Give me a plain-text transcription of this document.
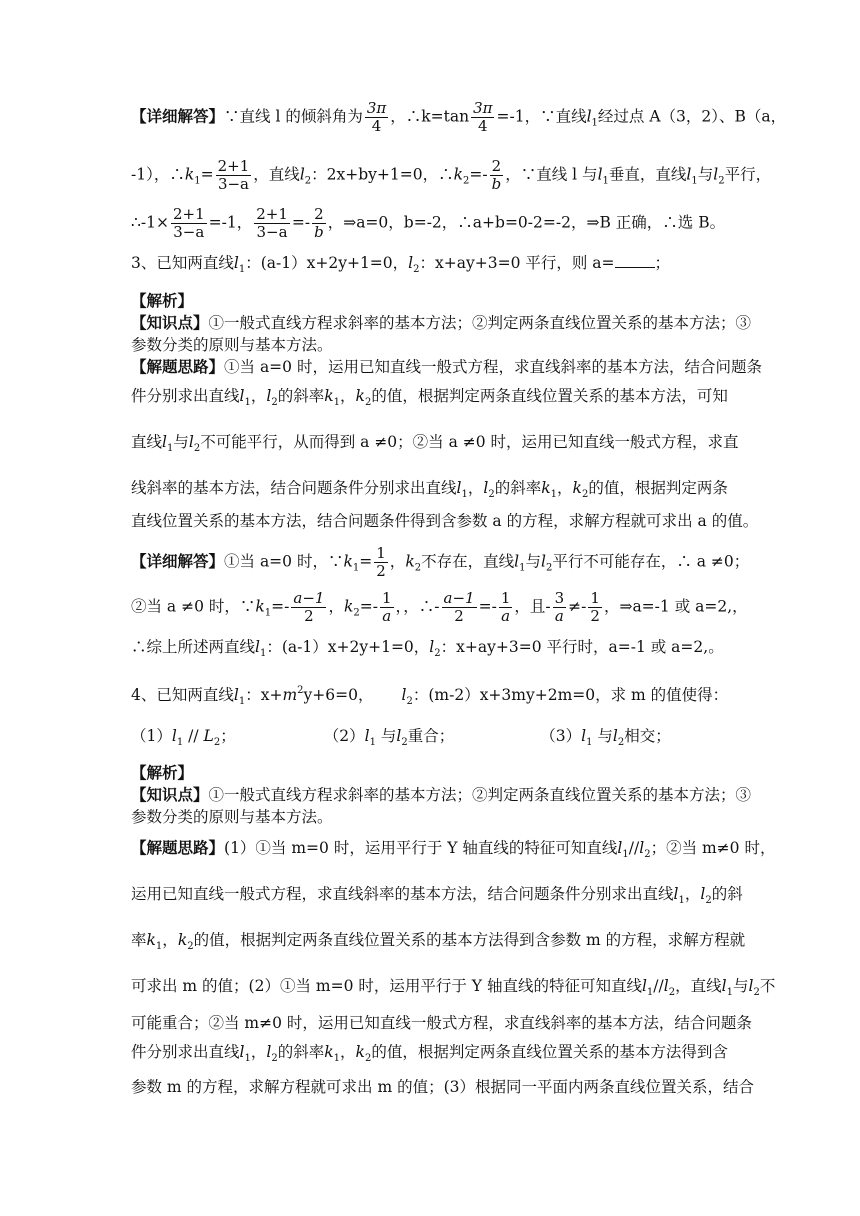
【详细解答】∵直线 l 的倾斜角为 $\frac{3\pi}{4}$ ，∴k=tan $\frac{3\pi}{4} =-1$，∵直线$l_1$经过点 A（3，2）、B（a，
-1），$\therefore k_1= \frac{2+1}{3-a}$ ，直线$l_2$：2x+by+1=0，$\therefore k_2=- \frac{2}{b}$ ，∵直线 l 与$l_1$垂直，直线$l_1$与$l_2$平行，
∴-1× $\frac{2+1}{3-a} =-1$， $\frac{2+1}{3-a} =- \frac{2}{b}$ ，⇒a=0，b=-2，∴a+b=0-2=-2，⇒B 正确，∴选 B。
3、已知两直线$l_1$：(a-1）x+2y+1=0，$l_2$：x+ay+3=0 平行，则 a=	；
【解析】
【知识点】①一般式直线方程求斜率的基本方法；②判定两条直线位置关系的基本方法；③
参数分类的原则与基本方法。
【解题思路】①当 a=0 时，运用已知直线一般式方程，求直线斜率的基本方法，结合问题条
件分别求出直线$l_1$，$l_2$的斜率$k_1$，$k_2$的值，根据判定两条直线位置关系的基本方法，可知
直线$l_1$与$l_2$不可能平行，从而得到 a ≠0；②当 a ≠0 时，运用已知直线一般式方程，求直
线斜率的基本方法，结合问题条件分别求出直线$l_1$，$l_2$的斜率$k_1$，$k_2$的值，根据判定两条
直线位置关系的基本方法，结合问题条件得到含参数 a 的方程，求解方程就可求出 a 的值。
【详细解答】①当 a=0 时，$\because k_1= \frac{1}{2}$ ，$k_2$不存在，直线$l_1$与$l_2$平行不可能存在，∴ a ≠0；
②当 a ≠0 时，$\because k_1=- \frac{a-1}{2}$ ，$k_2=- \frac{1}{a}$ ，，∴- $\frac{a-1}{2} =- \frac{1}{a}$ ，且- $\frac{3}{a} \ne- \frac{1}{2}$ ，⇒a=-1 或 a=2,，
∴综上所述两直线$l_1$：(a-1）x+2y+1=0，$l_2$：x+ay+3=0 平行时，a=-1 或 a=2,。
4、已知两直线$l_1$：$x+m^2y+6=0$， $l_2$：(m-2）x+3my+2m=0，求 m 的值使得：
$(1)l_1 // L_2$；	$(2)l_1$ 与$l_2$重合；	$(3)l_1$ 与$l_2$相交；
【解析】
【知识点】①一般式直线方程求斜率的基本方法；②判定两条直线位置关系的基本方法；③
参数分类的原则与基本方法。
【解题思路】(1）①当 m=0 时，运用平行于 Y 轴直线的特征可知直线$l_1//l_2$；②当 m≠0 时，
运用已知直线一般式方程，求直线斜率的基本方法，结合问题条件分别求出直线$l_1$，$l_2$的斜
率$k_1$，$k_2$的值，根据判定两条直线位置关系的基本方法得到含参数 m 的方程，求解方程就
可求出 m 的值；(2）①当 m=0 时，运用平行于 Y 轴直线的特征可知直线$l_1//l_2$，直线$l_1$与$l_2$不
可能重合；②当 m≠0 时，运用已知直线一般式方程，求直线斜率的基本方法，结合问题条
件分别求出直线$l_1$，$l_2$的斜率$k_1$，$k_2$的值，根据判定两条直线位置关系的基本方法得到含
参数 m 的方程，求解方程就可求出 m 的值；(3）根据同一平面内两条直线位置关系，结合
